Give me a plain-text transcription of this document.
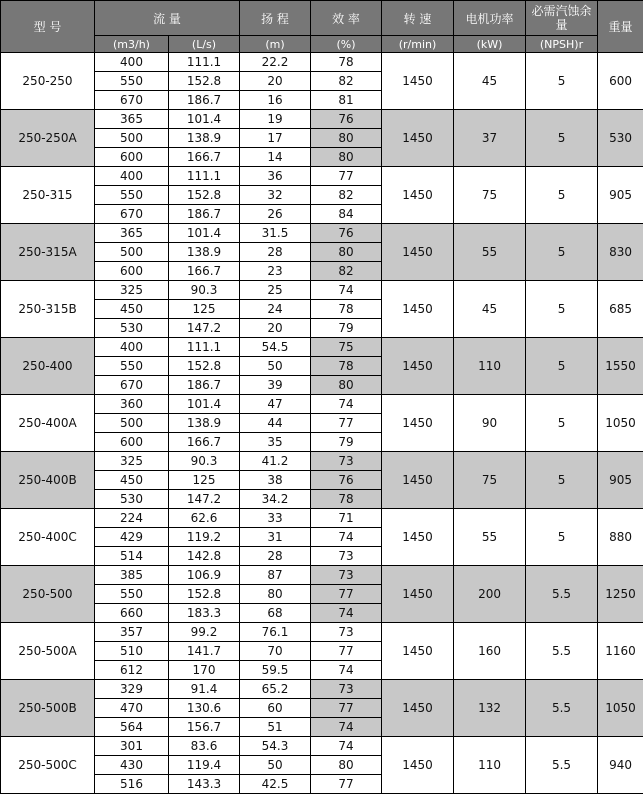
型 号	流 量		扬 程	效 率	转 速	电机功率	必需汽蚀余量	重量
	(m3/h)	(L/s)	(m)	(%)	(r/min)	(kW)	(NPSH)r	
250-250	400	111.1	22.2	78	1450	45	5	600
	550	152.8	20	82				
	670	186.7	16	81				
250-250A	365	101.4	19	76	1450	37	5	530
	500	138.9	17	80				
	600	166.7	14	80				
250-315	400	111.1	36	77	1450	75	5	905
	550	152.8	32	82				
	670	186.7	26	84				
250-315A	365	101.4	31.5	76	1450	55	5	830
	500	138.9	28	80				
	600	166.7	23	82				
250-315B	325	90.3	25	74	1450	45	5	685
	450	125	24	78				
	530	147.2	20	79				
250-400	400	111.1	54.5	75	1450	110	5	1550
	550	152.8	50	78				
	670	186.7	39	80				
250-400A	360	101.4	47	74	1450	90	5	1050
	500	138.9	44	77				
	600	166.7	35	79				
250-400B	325	90.3	41.2	73	1450	75	5	905
	450	125	38	76				
	530	147.2	34.2	78				
250-400C	224	62.6	33	71	1450	55	5	880
	429	119.2	31	74				
	514	142.8	28	73				
250-500	385	106.9	87	73	1450	200	5.5	1250
	550	152.8	80	77				
	660	183.3	68	74				
250-500A	357	99.2	76.1	73	1450	160	5.5	1160
	510	141.7	70	77				
	612	170	59.5	74				
250-500B	329	91.4	65.2	73	1450	132	5.5	1050
	470	130.6	60	77				
	564	156.7	51	74				
250-500C	301	83.6	54.3	74	1450	110	5.5	940
	430	119.4	50	80				
	516	143.3	42.5	77				
